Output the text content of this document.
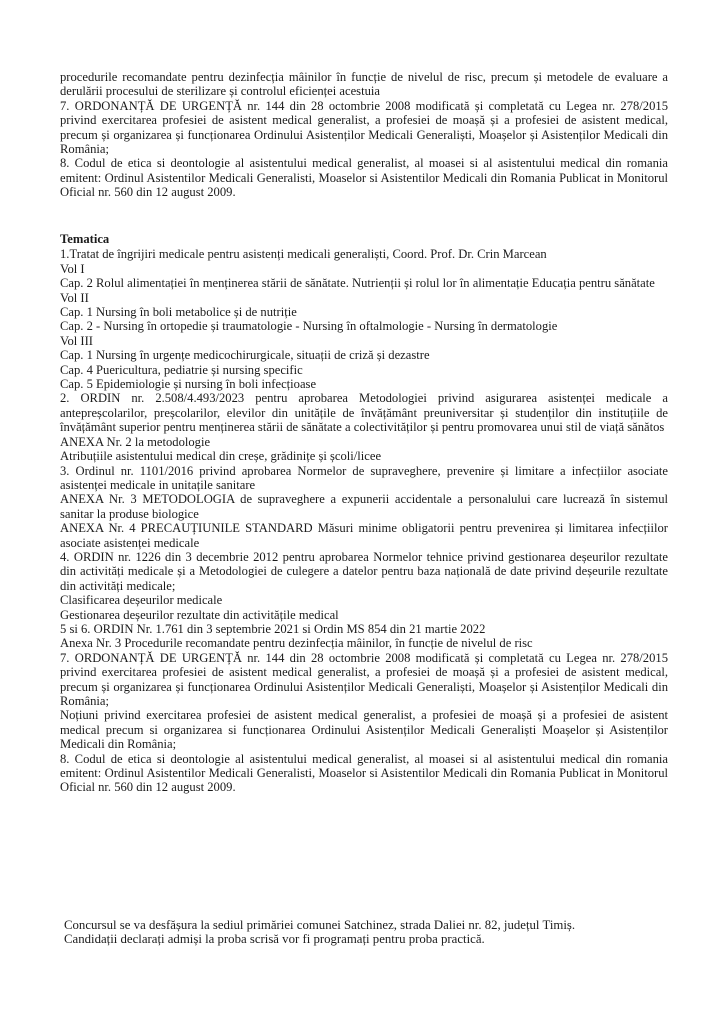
procedurile recomandate pentru dezinfecția mâinilor în funcție de nivelul de risc, precum și metodele de evaluare a derulării procesului de sterilizare și controlul eficienței acestuia

7. ORDONANȚĂ DE URGENȚĂ nr. 144 din 28 octombrie 2008 modificată și completată cu Legea nr. 278/2015 privind exercitarea profesiei de asistent medical generalist, a profesiei de moașă și a profesiei de asistent medical, precum și organizarea și funcționarea Ordinului Asistenților Medicali Generaliști, Moașelor și Asistenților Medicali din România;

8. Codul de etica si deontologie al asistentului medical generalist, al moasei si al asistentului medical din romania emitent: Ordinul Asistentilor Medicali Generalisti, Moaselor si Asistentilor Medicali din Romania Publicat in Monitorul Oficial nr. 560 din 12 august 2009.

Tematica

1.Tratat de îngrijiri medicale pentru asistenți medicali generaliști, Coord. Prof. Dr. Crin Marcean

Vol I

Cap. 2 Rolul alimentației în menținerea stării de sănătate. Nutrienții și rolul lor în alimentație Educația pentru sănătate

Vol II

Cap. 1 Nursing în boli metabolice și de nutriție

Cap. 2 - Nursing în ortopedie și traumatologie - Nursing în oftalmologie - Nursing în dermatologie

Vol III

Cap. 1 Nursing în urgențe medicochirurgicale, situații de criză și dezastre

Cap. 4 Puericultura, pediatrie și nursing specific

Cap. 5 Epidemiologie și nursing în boli infecțioase

2. ORDIN nr. 2.508/4.493/2023 pentru aprobarea Metodologiei privind asigurarea asistenței medicale a antepreșcolarilor, preșcolarilor, elevilor din unitățile de învățământ preuniversitar și studenților din instituțiile de învățământ superior pentru menținerea stării de sănătate a colectivităților și pentru promovarea unui stil de viață sănătos

ANEXA Nr. 2 la metodologie

Atribuțiile asistentului medical din creșe, grădinițe și școli/licee

3. Ordinul nr. 1101/2016 privind aprobarea Normelor de supraveghere, prevenire și limitare a infecțiilor asociate asistenței medicale in unitațile sanitare

ANEXA Nr. 3 METODOLOGIA de supraveghere a expunerii accidentale a personalului care lucrează în sistemul sanitar la produse biologice

ANEXA Nr. 4 PRECAUȚIUNILE STANDARD Măsuri minime obligatorii pentru prevenirea și limitarea infecțiilor asociate asistenței medicale

4. ORDIN nr. 1226 din 3 decembrie 2012 pentru aprobarea Normelor tehnice privind gestionarea deșeurilor rezultate din activități medicale și a Metodologiei de culegere a datelor pentru baza națională de date privind deșeurile rezultate din activități medicale;

Clasificarea deșeurilor medicale

Gestionarea deșeurilor rezultate din activitățile medical

5 si 6. ORDIN Nr. 1.761 din 3 septembrie 2021 si Ordin MS 854 din 21 martie 2022

Anexa Nr. 3 Procedurile recomandate pentru dezinfecția mâinilor, în funcție de nivelul de risc

7. ORDONANȚĂ DE URGENȚĂ nr. 144 din 28 octombrie 2008 modificată și completată cu Legea nr. 278/2015 privind exercitarea profesiei de asistent medical generalist, a profesiei de moașă și a profesiei de asistent medical, precum și organizarea și funcționarea Ordinului Asistenților Medicali Generaliști, Moașelor și Asistenților Medicali din România;

Noțiuni privind exercitarea profesiei de asistent medical generalist, a profesiei de moașă și a profesiei de asistent medical precum si organizarea si funcționarea Ordinului Asistenților Medicali Generaliști Moașelor și Asistenților Medicali din România;

8. Codul de etica si deontologie al asistentului medical generalist, al moasei si al asistentului medical din romania emitent: Ordinul Asistentilor Medicali Generalisti, Moaselor si Asistentilor Medicali din Romania Publicat in Monitorul Oficial nr. 560 din 12 august 2009.

Concursul se va desfășura la sediul primăriei comunei Satchinez, strada Daliei nr. 82, județul Timiș.

Candidații declarați admiși la proba scrisă vor fi programați pentru proba practică.
